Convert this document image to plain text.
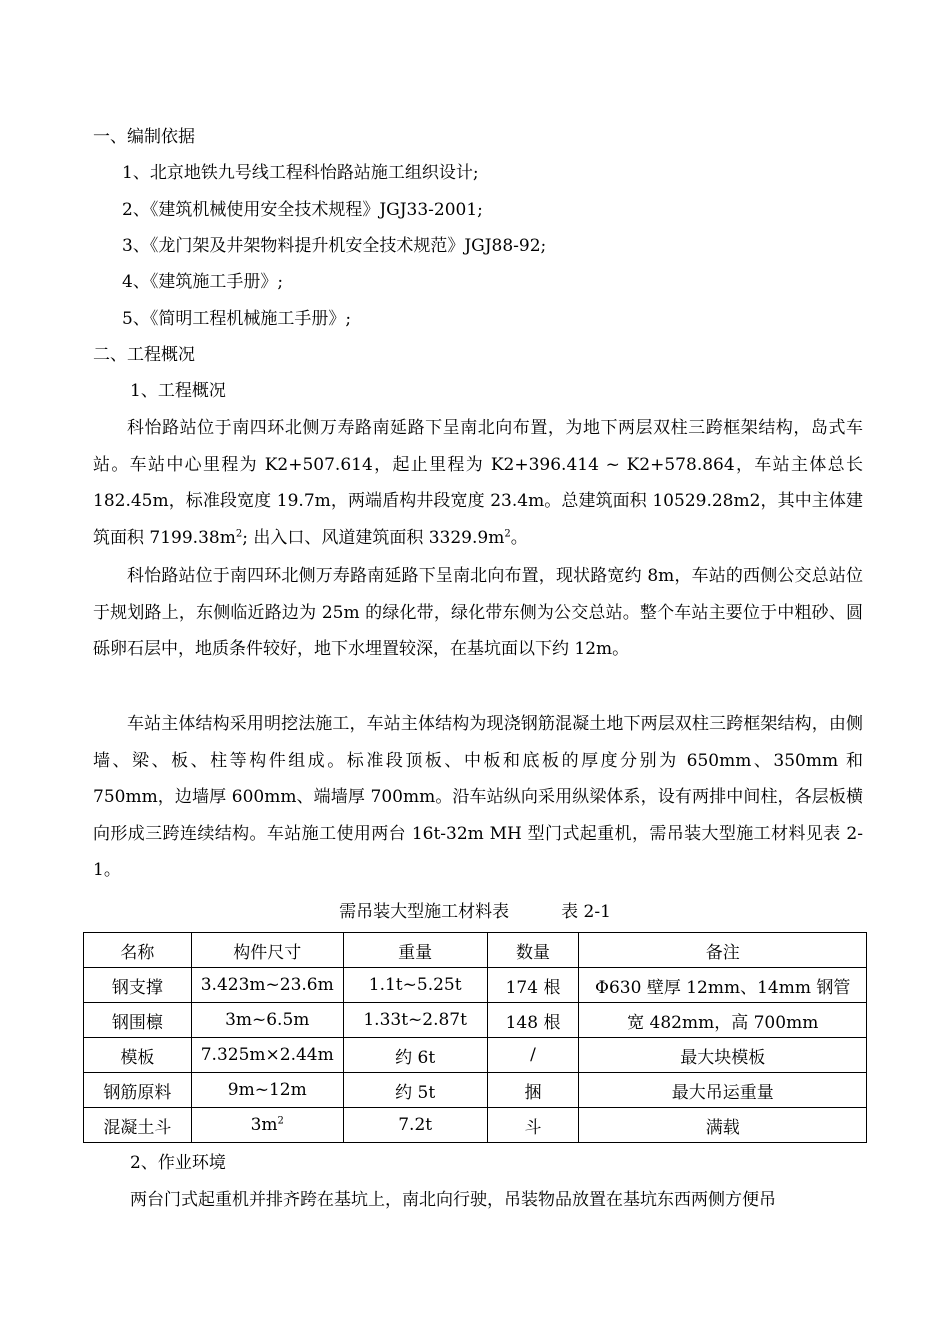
一、编制依据
1、北京地铁九号线工程科怡路站施工组织设计;
2、《建筑机械使用安全技术规程》JGJ33-2001;
3、《龙门架及井架物料提升机安全技术规范》JGJ88-92;
4、《建筑施工手册》;
5、《简明工程机械施工手册》;
二、工程概况
1、工程概况
科怡路站位于南四环北侧万寿路南延路下呈南北向布置，为地下两层双柱三跨框架结构，岛式车站。车站中心里程为 K2+507.614，起止里程为 K2+396.414 ~ K2+578.864，车站主体总长 182.45m，标准段宽度 19.7m，两端盾构井段宽度 23.4m。总建筑面积 10529.28m2，其中主体建筑面积 $7199.38m^2$; 出入口、风道建筑面积 $3329.9m^2$。
科怡路站位于南四环北侧万寿路南延路下呈南北向布置，现状路宽约 8m，车站的西侧公交总站位于规划路上，东侧临近路边为 25m 的绿化带，绿化带东侧为公交总站。整个车站主要位于中粗砂、圆砾卵石层中，地质条件较好，地下水埋置较深，在基坑面以下约 12m。
车站主体结构采用明挖法施工，车站主体结构为现浇钢筋混凝土地下两层双柱三跨框架结构，由侧墙、梁、板、柱等构件组成。标准段顶板、中板和底板的厚度分别为 650mm、350mm 和 750mm，边墙厚 600mm、端墙厚 700mm。沿车站纵向采用纵梁体系，设有两排中间柱，各层板横向形成三跨连续结构。车站施工使用两台 16t-32m MH 型门式起重机，需吊装大型施工材料见表 2-1。
需吊装大型施工材料表	表 2-1
名称	构件尺寸	重量	数量	备注
钢支撑	3.423m~23.6m	1.1t~5.25t	174 根	Φ630 壁厚 12mm、14mm 钢管
钢围檩	3m~6.5m	1.33t~2.87t	148 根	宽 482mm，高 700mm
模板	7.325m×2.44m	约 6t	/	最大块模板
钢筋原料	9m~12m	约 5t	捆	最大吊运重量
混凝土斗	$3m^2$	7.2t	斗	满载
2、作业环境
两台门式起重机并排齐跨在基坑上，南北向行驶，吊装物品放置在基坑东西两侧方便吊
